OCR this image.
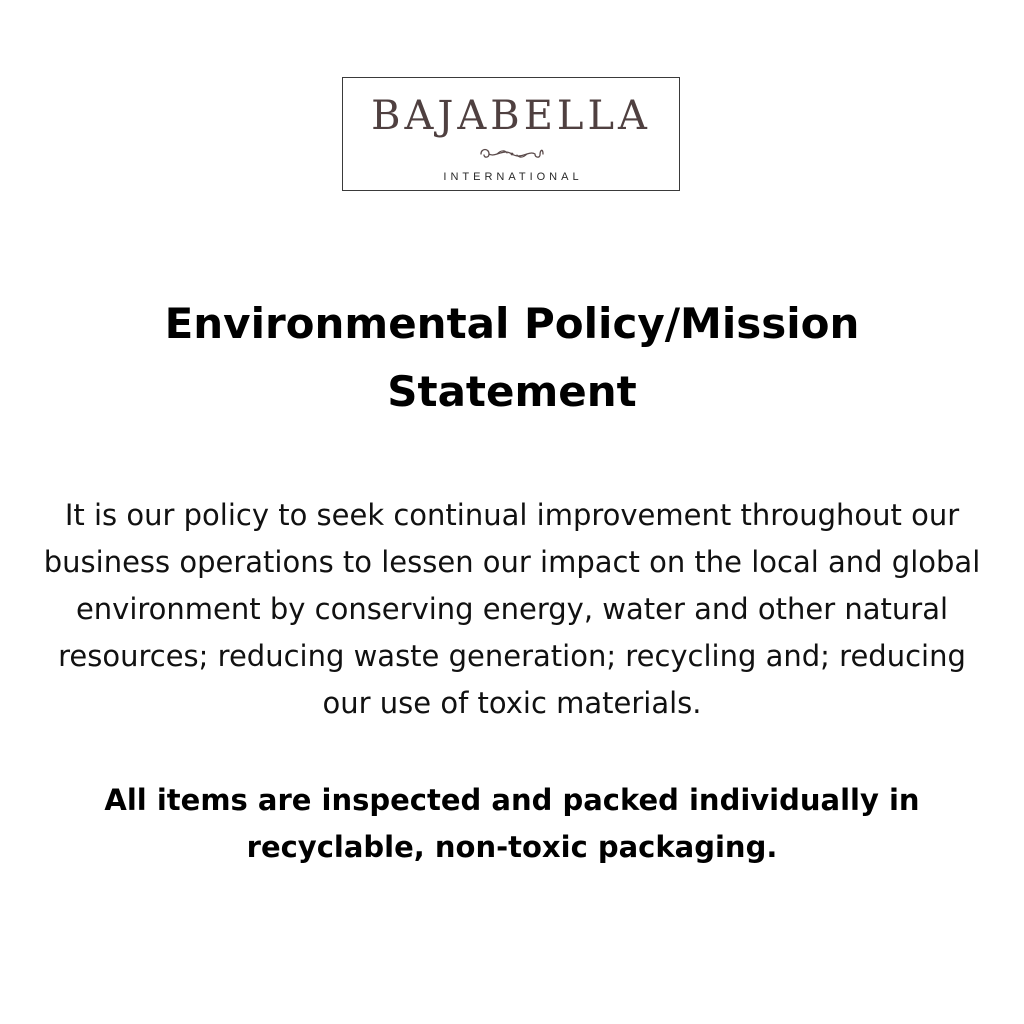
BAJABELLA
INTERNATIONAL
Environmental Policy/Mission Statement

It is our policy to seek continual improvement throughout our business operations to lessen our impact on the local and global environment by conserving energy, water and other natural resources; reducing waste generation; recycling and; reducing our use of toxic materials.

All items are inspected and packed individually in recyclable, non-toxic packaging.
